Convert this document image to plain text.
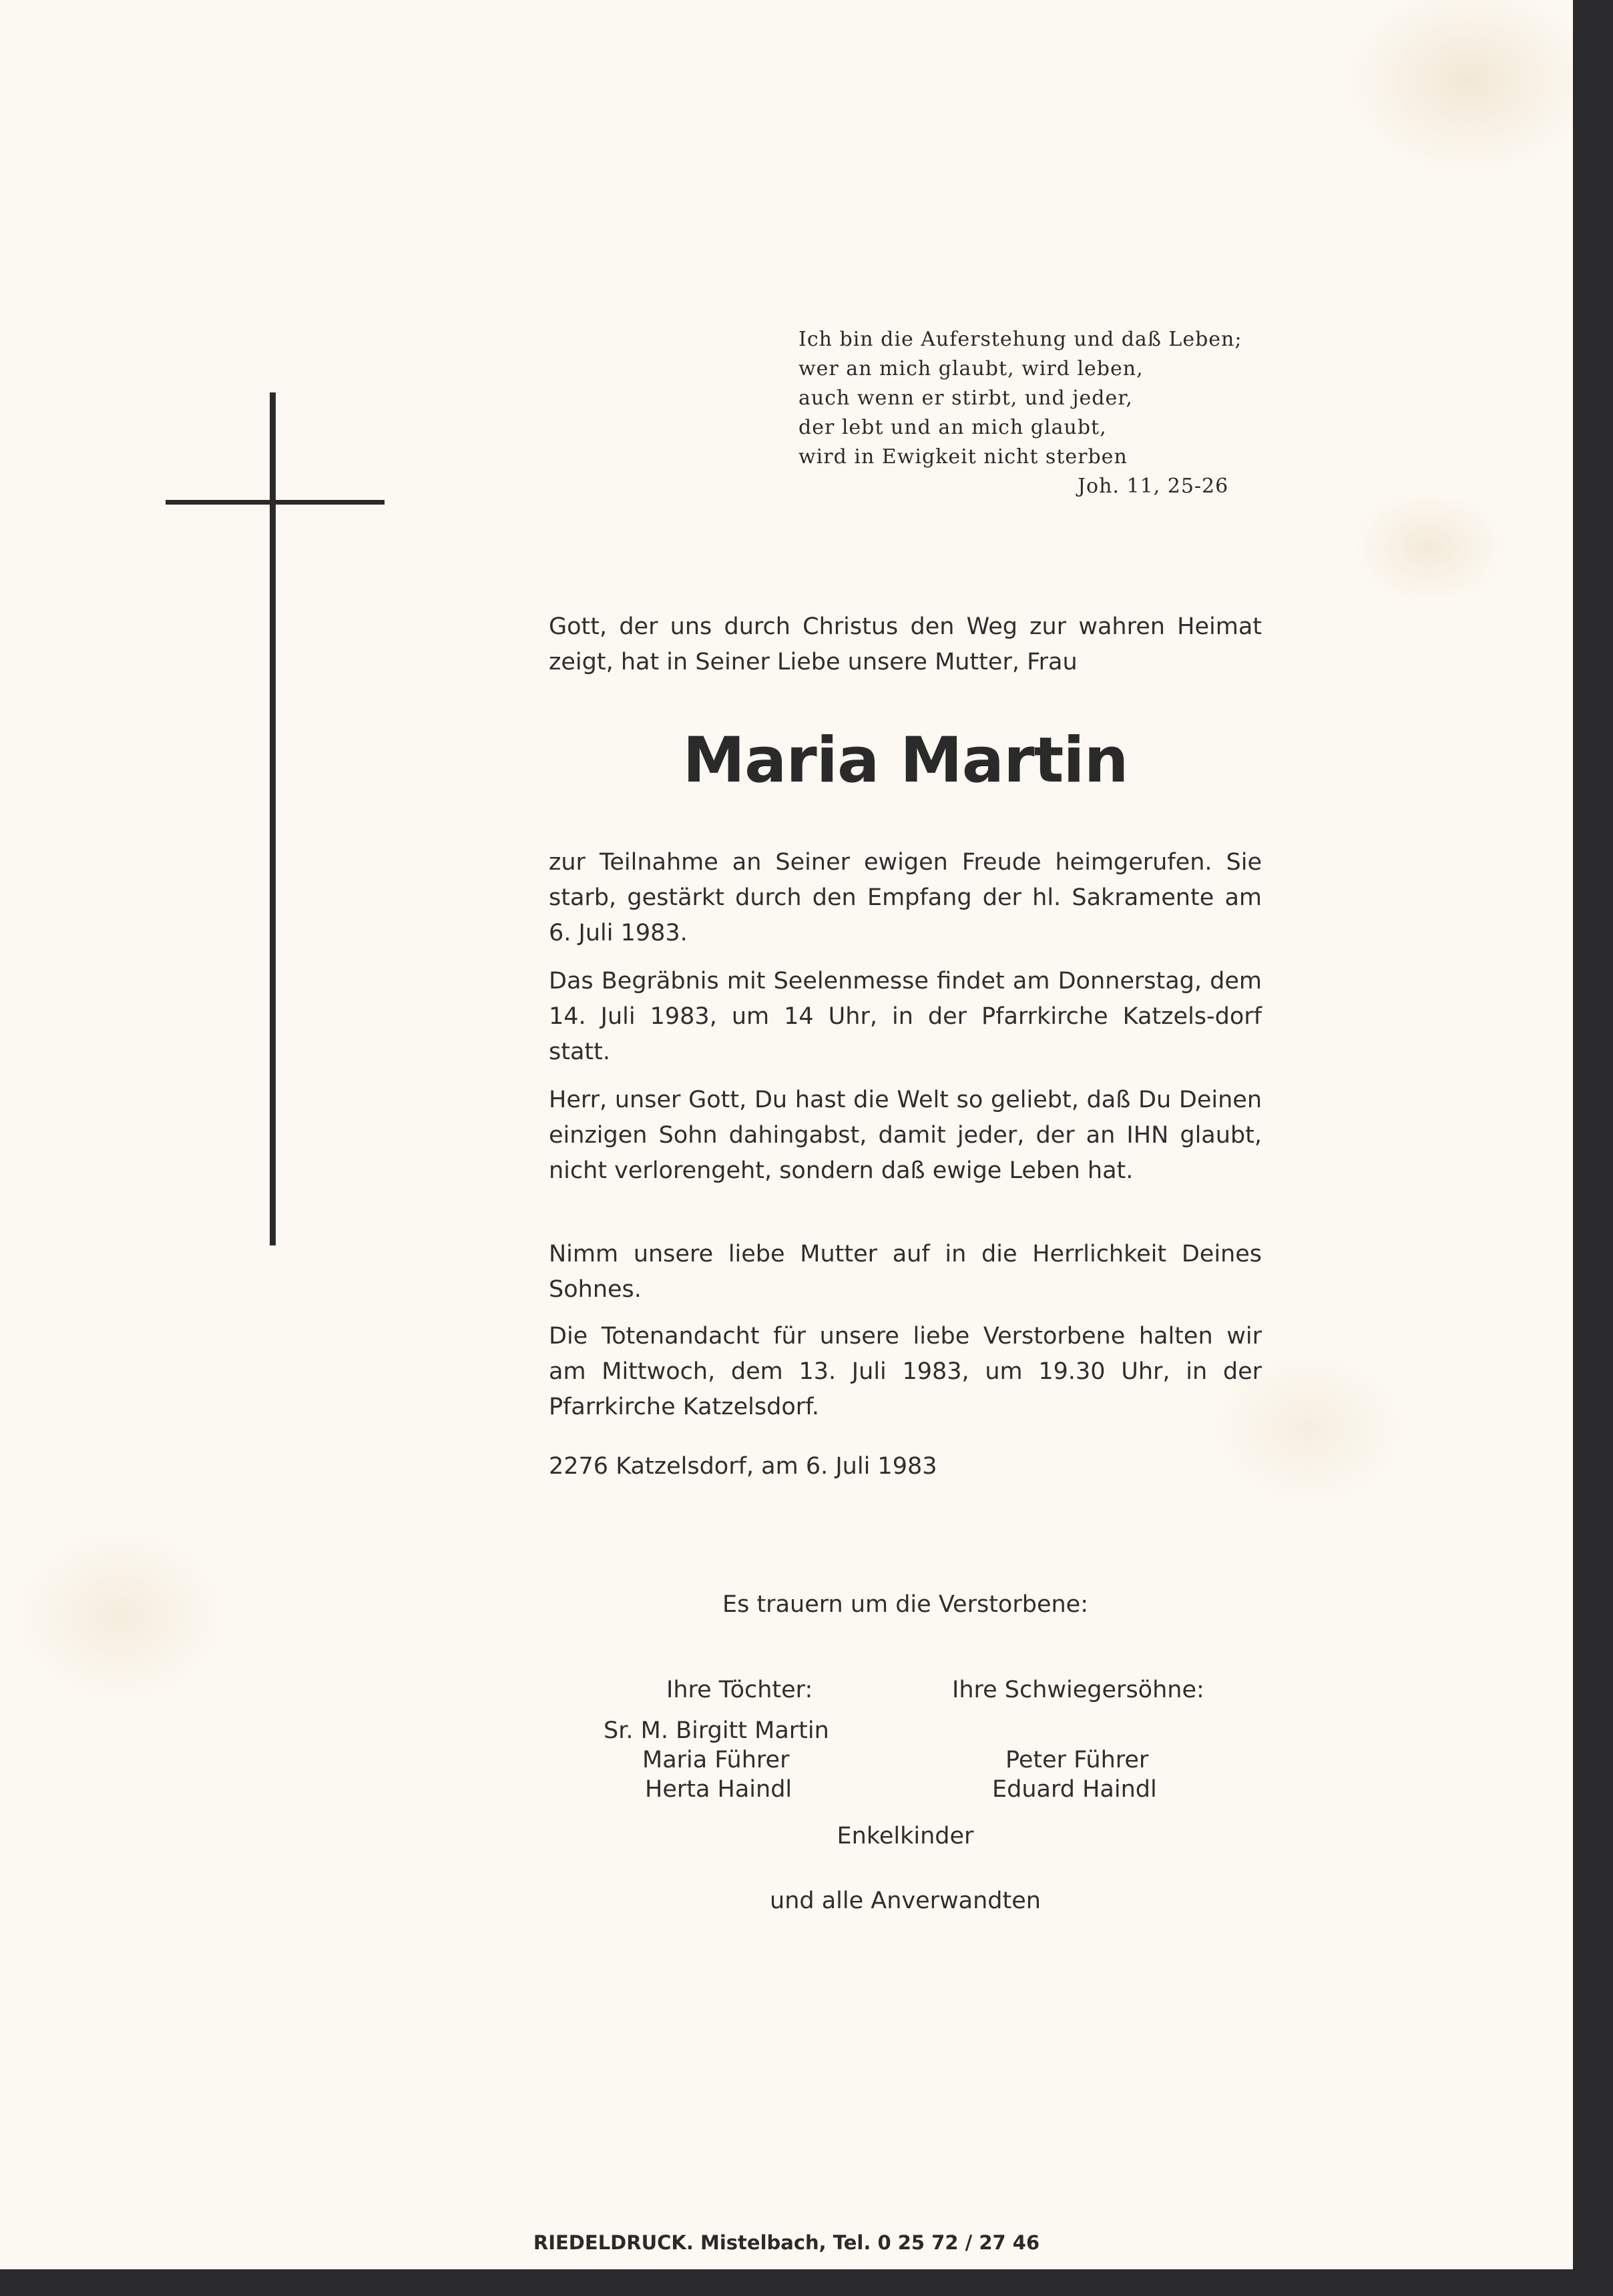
Ich bin die Auferstehung und daß Leben;
wer an mich glaubt, wird leben,
auch wenn er stirbt, und jeder,
der lebt und an mich glaubt,
wird in Ewigkeit nicht sterben
Joh. 11, 25-26
Gott, der uns durch Christus den Weg zur wahren Heimat zeigt, hat in Seiner Liebe unsere Mutter, Frau
Maria Martin
zur Teilnahme an Seiner ewigen Freude heimgerufen. Sie starb, gestärkt durch den Empfang der hl. Sakramente am 6. Juli 1983.
Das Begräbnis mit Seelenmesse findet am Donnerstag, dem 14. Juli 1983, um 14 Uhr, in der Pfarrkirche Katzels-dorf statt.
Herr, unser Gott, Du hast die Welt so geliebt, daß Du Deinen einzigen Sohn dahingabst, damit jeder, der an IHN glaubt, nicht verlorengeht, sondern daß ewige Leben hat.
Nimm unsere liebe Mutter auf in die Herrlichkeit Deines Sohnes.
Die Totenandacht für unsere liebe Verstorbene halten wir am Mittwoch, dem 13. Juli 1983, um 19.30 Uhr, in der Pfarrkirche Katzelsdorf.
2276 Katzelsdorf, am 6. Juli 1983
Es trauern um die Verstorbene:
Ihre Töchter:	Ihre Schwiegersöhne:
Sr. M. Birgitt Martin
Maria Führer
Herta Haindl
Peter Führer
Eduard Haindl
Enkelkinder
und alle Anverwandten
RIEDELDRUCK. Mistelbach, Tel. 0 25 72 / 27 46
